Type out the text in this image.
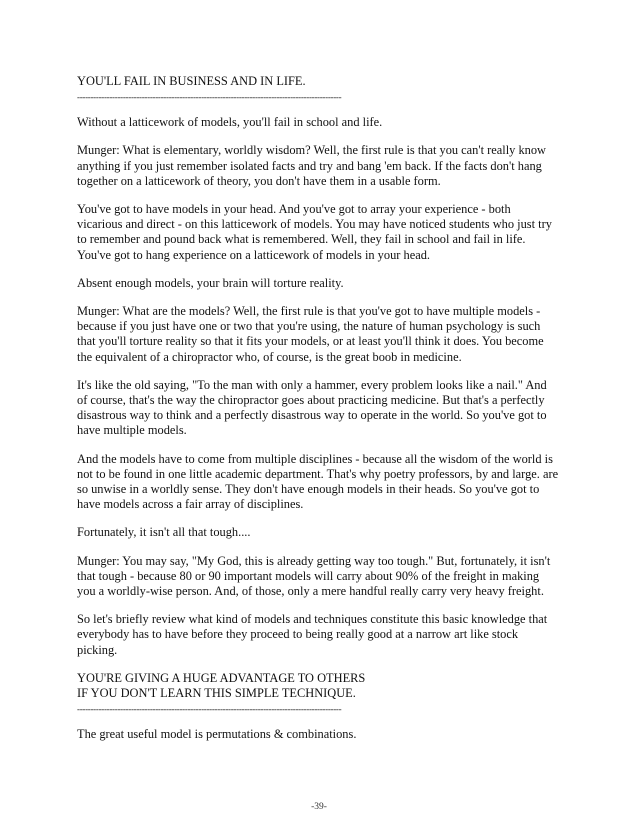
YOU'LL FAIL IN BUSINESS AND IN LIFE.
--------------------------------------------------------------------------------------------------
Without a latticework of models, you'll fail in school and life.
Munger: What is elementary, worldly wisdom? Well, the first rule is that you can't really know
anything if you just remember isolated facts and try and bang 'em back. If the facts don't hang
together on a latticework of theory, you don't have them in a usable form.
You've got to have models in your head. And you've got to array your experience - both
vicarious and direct - on this latticework of models. You may have noticed students who just try
to remember and pound back what is remembered. Well, they fail in school and fail in life.
You've got to hang experience on a latticework of models in your head.
Absent enough models, your brain will torture reality.
Munger: What are the models? Well, the first rule is that you've got to have multiple models -
because if you just have one or two that you're using, the nature of human psychology is such
that you'll torture reality so that it fits your models, or at least you'll think it does. You become
the equivalent of a chiropractor who, of course, is the great boob in medicine.
It's like the old saying, "To the man with only a hammer, every problem looks like a nail." And
of course, that's the way the chiropractor goes about practicing medicine. But that's a perfectly
disastrous way to think and a perfectly disastrous way to operate in the world. So you've got to
have multiple models.
And the models have to come from multiple disciplines - because all the wisdom of the world is
not to be found in one little academic department. That's why poetry professors, by and large. are
so unwise in a worldly sense. They don't have enough models in their heads. So you've got to
have models across a fair array of disciplines.
Fortunately, it isn't all that tough....
Munger: You may say, "My God, this is already getting way too tough." But, fortunately, it isn't
that tough - because 80 or 90 important models will carry about 90% of the freight in making
you a worldly-wise person. And, of those, only a mere handful really carry very heavy freight.
So let's briefly review what kind of models and techniques constitute this basic knowledge that
everybody has to have before they proceed to being really good at a narrow art like stock
picking.
YOU'RE GIVING A HUGE ADVANTAGE TO OTHERS
IF YOU DON'T LEARN THIS SIMPLE TECHNIQUE.
--------------------------------------------------------------------------------------------------
The great useful model is permutations & combinations.
-39-
